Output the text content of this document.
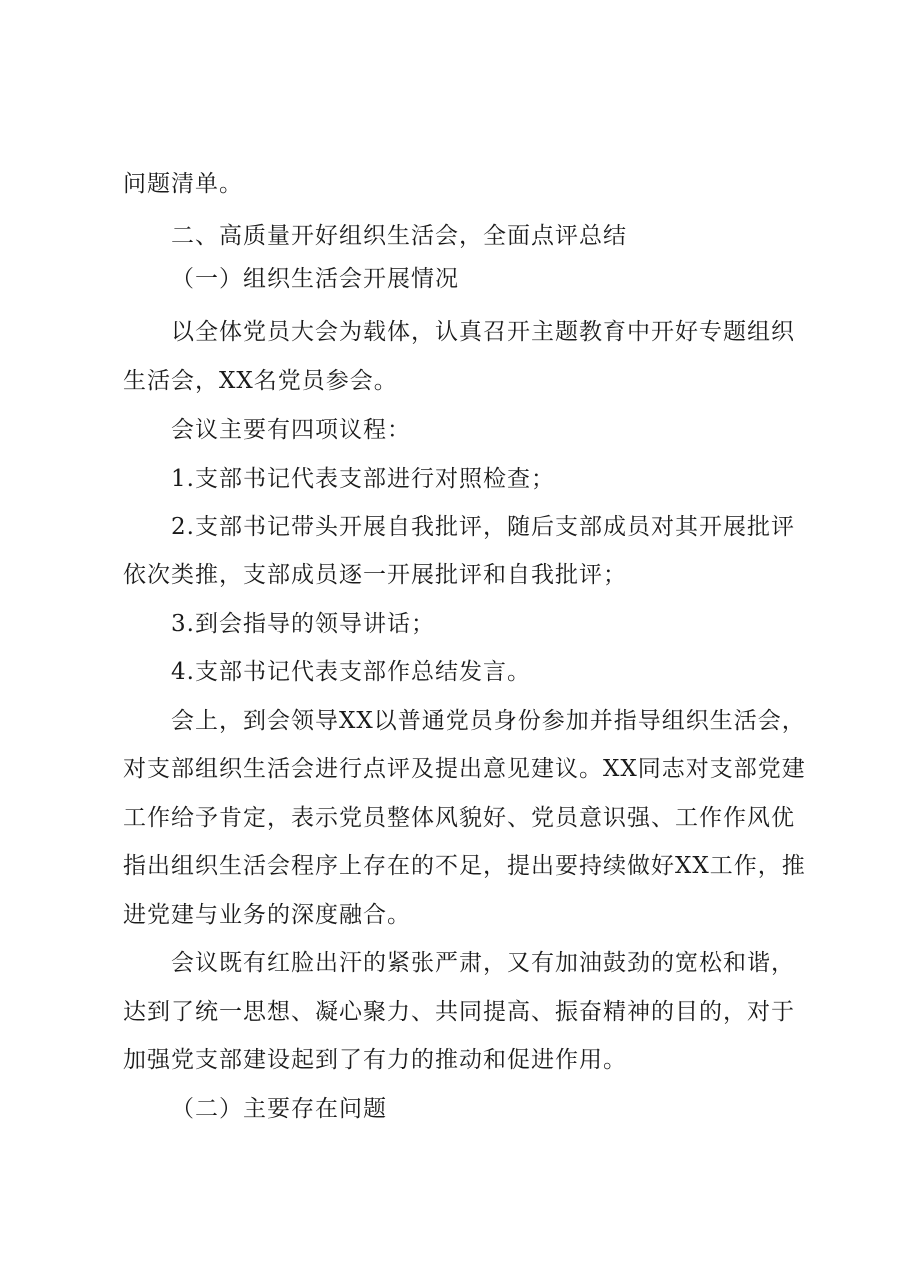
问题清单。

二、高质量开好组织生活会，全面点评总结

（一）组织生活会开展情况

以全体党员大会为载体，认真召开主题教育中开好专题组织

生活会，XX名党员参会。

会议主要有四项议程：

1.支部书记代表支部进行对照检查；

2.支部书记带头开展自我批评，随后支部成员对其开展批评

依次类推，支部成员逐一开展批评和自我批评；

3.到会指导的领导讲话；

4.支部书记代表支部作总结发言。

会上，到会领导XX以普通党员身份参加并指导组织生活会，

对支部组织生活会进行点评及提出意见建议。XX同志对支部党建

工作给予肯定，表示党员整体风貌好、党员意识强、工作作风优

指出组织生活会程序上存在的不足，提出要持续做好XX工作，推

进党建与业务的深度融合。

会议既有红脸出汗的紧张严肃，又有加油鼓劲的宽松和谐，

达到了统一思想、凝心聚力、共同提高、振奋精神的目的，对于

加强党支部建设起到了有力的推动和促进作用。

（二）主要存在问题
